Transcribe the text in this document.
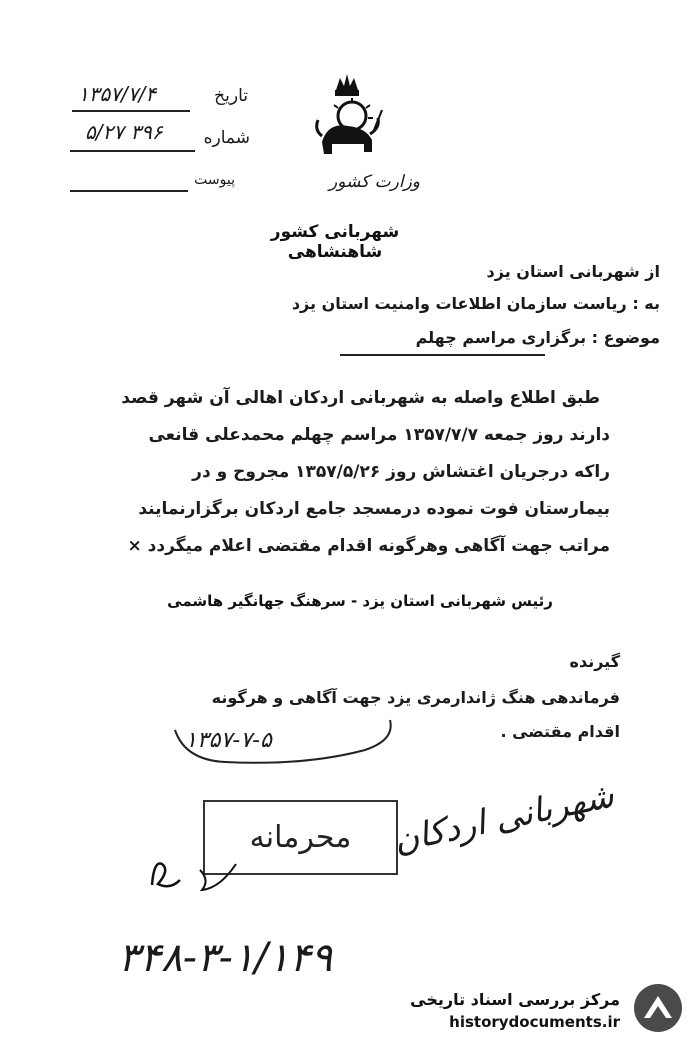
تاریخ
۱۳۵۷/۷/۴
شماره
۳۹۶ ۵/۲۷
پیوست	وزارت کشور
شهربانی کشور شاهنشاهی
از شهربانی استان یزد
به : ریاست سازمان اطلاعات وامنیت استان یزد
موضوع : برگزاری مراسم چهلم
طبق اطلاع واصله به شهربانی اردکان اهالی آن شهر قصد
دارند روز جمعه ۱۳۵۷/۷/۷ مراسم چهلم محمدعلی قانعی
راکه درجریان اغتشاش روز ۱۳۵۷/۵/۲۶ مجروح و در
بیمارستان فوت نموده درمسجد جامع اردکان برگزارنمایند
مراتب جهت آگاهی وهرگونه اقدام مقتضی اعلام میگردد ×
رئیس شهربانی استان یزد - سرهنگ جهانگیر هاشمی
گیرنده
فرماندهی هنگ ژاندارمری یزد جهت آگاهی و هرگونه
اقدام مقتضی .
۱۳۵۷-۷-۵
محرمانه شهربانی اردکان
۳۴۸-۳-۱/۱۴۹
مرکز بررسی اسناد تاریخی
historydocuments.ir
